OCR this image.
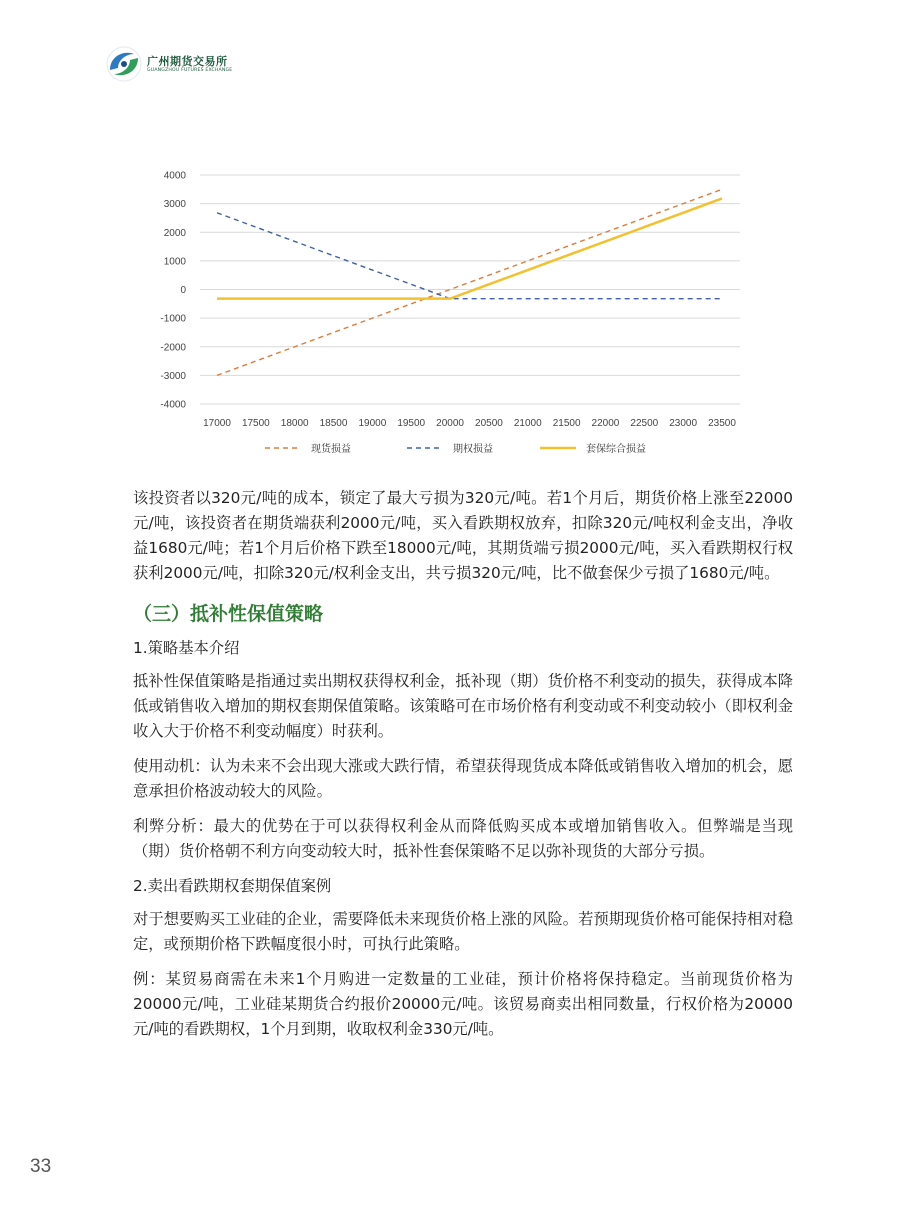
广州期货交易所
GUANGZHOU FUTURES EXCHANGE
4000
3000
2000
1000
0
-1000
-2000
-3000
-4000
17000 17500 18000 18500 19000 19500 20000 20500 21000 21500 22000 22500 23000 23500
现货损益	期权损益	套保综合损益

该投资者以320元/吨的成本，锁定了最大亏损为320元/吨。若1个月后，期货价格上涨至22000元/吨，该投资者在期货端获利2000元/吨，买入看跌期权放弃，扣除320元/吨权利金支出，净收益1680元/吨；若1个月后价格下跌至18000元/吨，其期货端亏损2000元/吨，买入看跌期权行权获利2000元/吨，扣除320元/权利金支出，共亏损320元/吨，比不做套保少亏损了1680元/吨。

（三）抵补性保值策略

1.策略基本介绍

抵补性保值策略是指通过卖出期权获得权利金，抵补现（期）货价格不利变动的损失，获得成本降低或销售收入增加的期权套期保值策略。该策略可在市场价格有利变动或不利变动较小（即权利金收入大于价格不利变动幅度）时获利。

使用动机：认为未来不会出现大涨或大跌行情，希望获得现货成本降低或销售收入增加的机会，愿意承担价格波动较大的风险。

利弊分析：最大的优势在于可以获得权利金从而降低购买成本或增加销售收入。但弊端是当现（期）货价格朝不利方向变动较大时，抵补性套保策略不足以弥补现货的大部分亏损。

2.卖出看跌期权套期保值案例

对于想要购买工业硅的企业，需要降低未来现货价格上涨的风险。若预期现货价格可能保持相对稳定，或预期价格下跌幅度很小时，可执行此策略。

例：某贸易商需在未来1个月购进一定数量的工业硅，预计价格将保持稳定。当前现货价格为20000元/吨，工业硅某期货合约报价20000元/吨。该贸易商卖出相同数量，行权价格为20000元/吨的看跌期权，1个月到期，收取权利金330元/吨。

33
